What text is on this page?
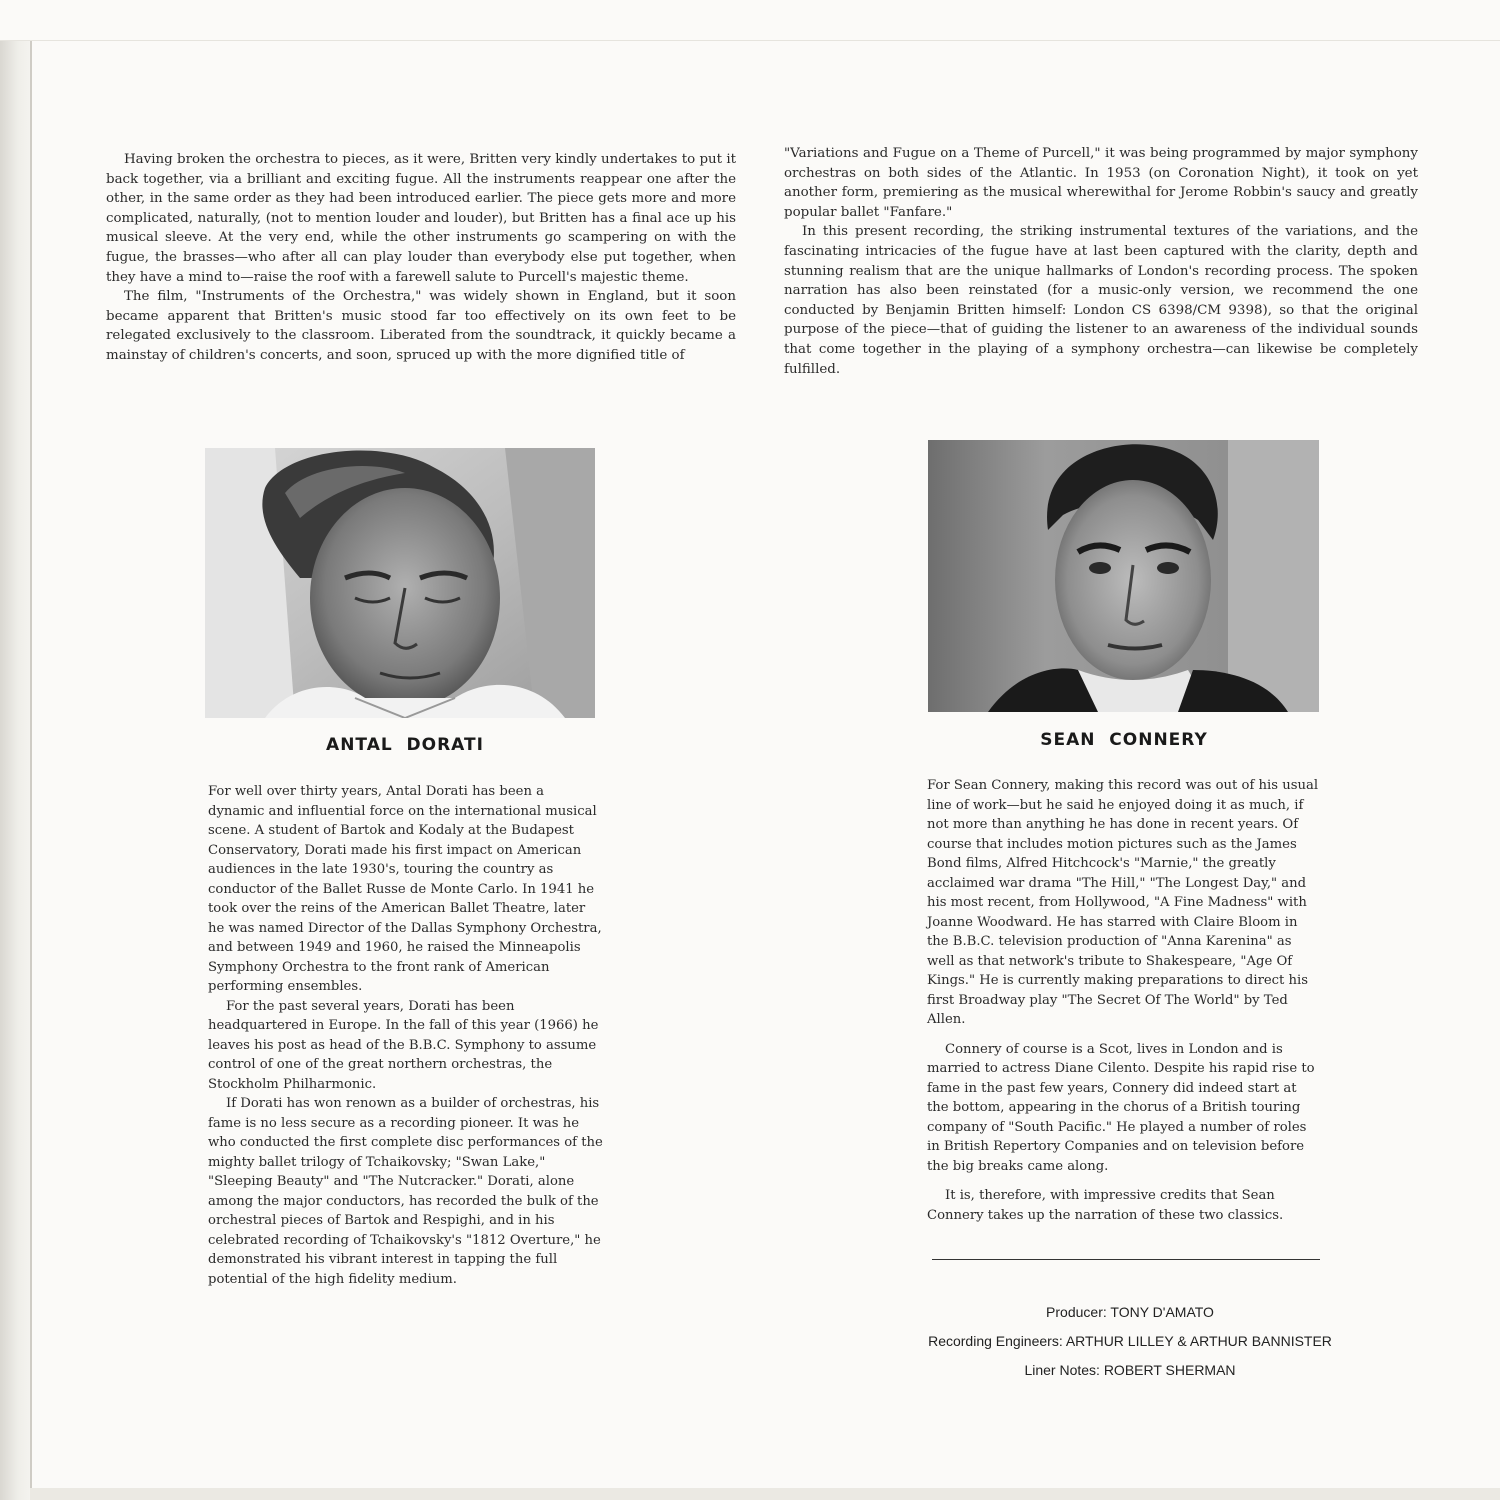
Having broken the orchestra to pieces, as it were, Britten very kindly undertakes to put it back together, via a brilliant and exciting fugue. All the instruments reappear one after the other, in the same order as they had been introduced earlier. The piece gets more and more complicated, naturally, (not to mention louder and louder), but Britten has a final ace up his musical sleeve. At the very end, while the other instruments go scampering on with the fugue, the brasses—who after all can play louder than everybody else put together, when they have a mind to—raise the roof with a farewell salute to Purcell's majestic theme.

The film, "Instruments of the Orchestra," was widely shown in England, but it soon became apparent that Britten's music stood far too effectively on its own feet to be relegated exclusively to the classroom. Liberated from the soundtrack, it quickly became a mainstay of children's concerts, and soon, spruced up with the more dignified title of

"Variations and Fugue on a Theme of Purcell," it was being programmed by major symphony orchestras on both sides of the Atlantic. In 1953 (on Coronation Night), it took on yet another form, premiering as the musical wherewithal for Jerome Robbin's saucy and greatly popular ballet "Fanfare."

In this present recording, the striking instrumental textures of the variations, and the fascinating intricacies of the fugue have at last been captured with the clarity, depth and stunning realism that are the unique hallmarks of London's recording process. The spoken narration has also been reinstated (for a music-only version, we recommend the one conducted by Benjamin Britten himself: London CS 6398/CM 9398), so that the original purpose of the piece—that of guiding the listener to an awareness of the individual sounds that come together in the playing of a symphony orchestra—can likewise be completely fulfilled.

ANTAL  DORATI	SEAN  CONNERY

For well over thirty years, Antal Dorati has been a dynamic and influential force on the international musical scene. A student of Bartok and Kodaly at the Budapest Conservatory, Dorati made his first impact on American audiences in the late 1930's, touring the country as conductor of the Ballet Russe de Monte Carlo. In 1941 he took over the reins of the American Ballet Theatre, later he was named Director of the Dallas Symphony Orchestra, and between 1949 and 1960, he raised the Minneapolis Symphony Orchestra to the front rank of American performing ensembles.

For the past several years, Dorati has been headquartered in Europe. In the fall of this year (1966) he leaves his post as head of the B.B.C. Symphony to assume control of one of the great northern orchestras, the Stockholm Philharmonic.

If Dorati has won renown as a builder of orchestras, his fame is no less secure as a recording pioneer. It was he who conducted the first complete disc performances of the mighty ballet trilogy of Tchaikovsky; "Swan Lake," "Sleeping Beauty" and "The Nutcracker." Dorati, alone among the major conductors, has recorded the bulk of the orchestral pieces of Bartok and Respighi, and in his celebrated recording of Tchaikovsky's "1812 Overture," he demonstrated his vibrant interest in tapping the full potential of the high fidelity medium.

For Sean Connery, making this record was out of his usual line of work—but he said he enjoyed doing it as much, if not more than anything he has done in recent years. Of course that includes motion pictures such as the James Bond films, Alfred Hitchcock's "Marnie," the greatly acclaimed war drama "The Hill," "The Longest Day," and his most recent, from Hollywood, "A Fine Madness" with Joanne Woodward. He has starred with Claire Bloom in the B.B.C. television production of "Anna Karenina" as well as that network's tribute to Shakespeare, "Age Of Kings." He is currently making preparations to direct his first Broadway play "The Secret Of The World" by Ted Allen.

Connery of course is a Scot, lives in London and is married to actress Diane Cilento. Despite his rapid rise to fame in the past few years, Connery did indeed start at the bottom, appearing in the chorus of a British touring company of "South Pacific." He played a number of roles in British Repertory Companies and on television before the big breaks came along.

It is, therefore, with impressive credits that Sean Connery takes up the narration of these two classics.

Producer: TONY D'AMATO
Recording Engineers: ARTHUR LILLEY & ARTHUR BANNISTER
Liner Notes: ROBERT SHERMAN
